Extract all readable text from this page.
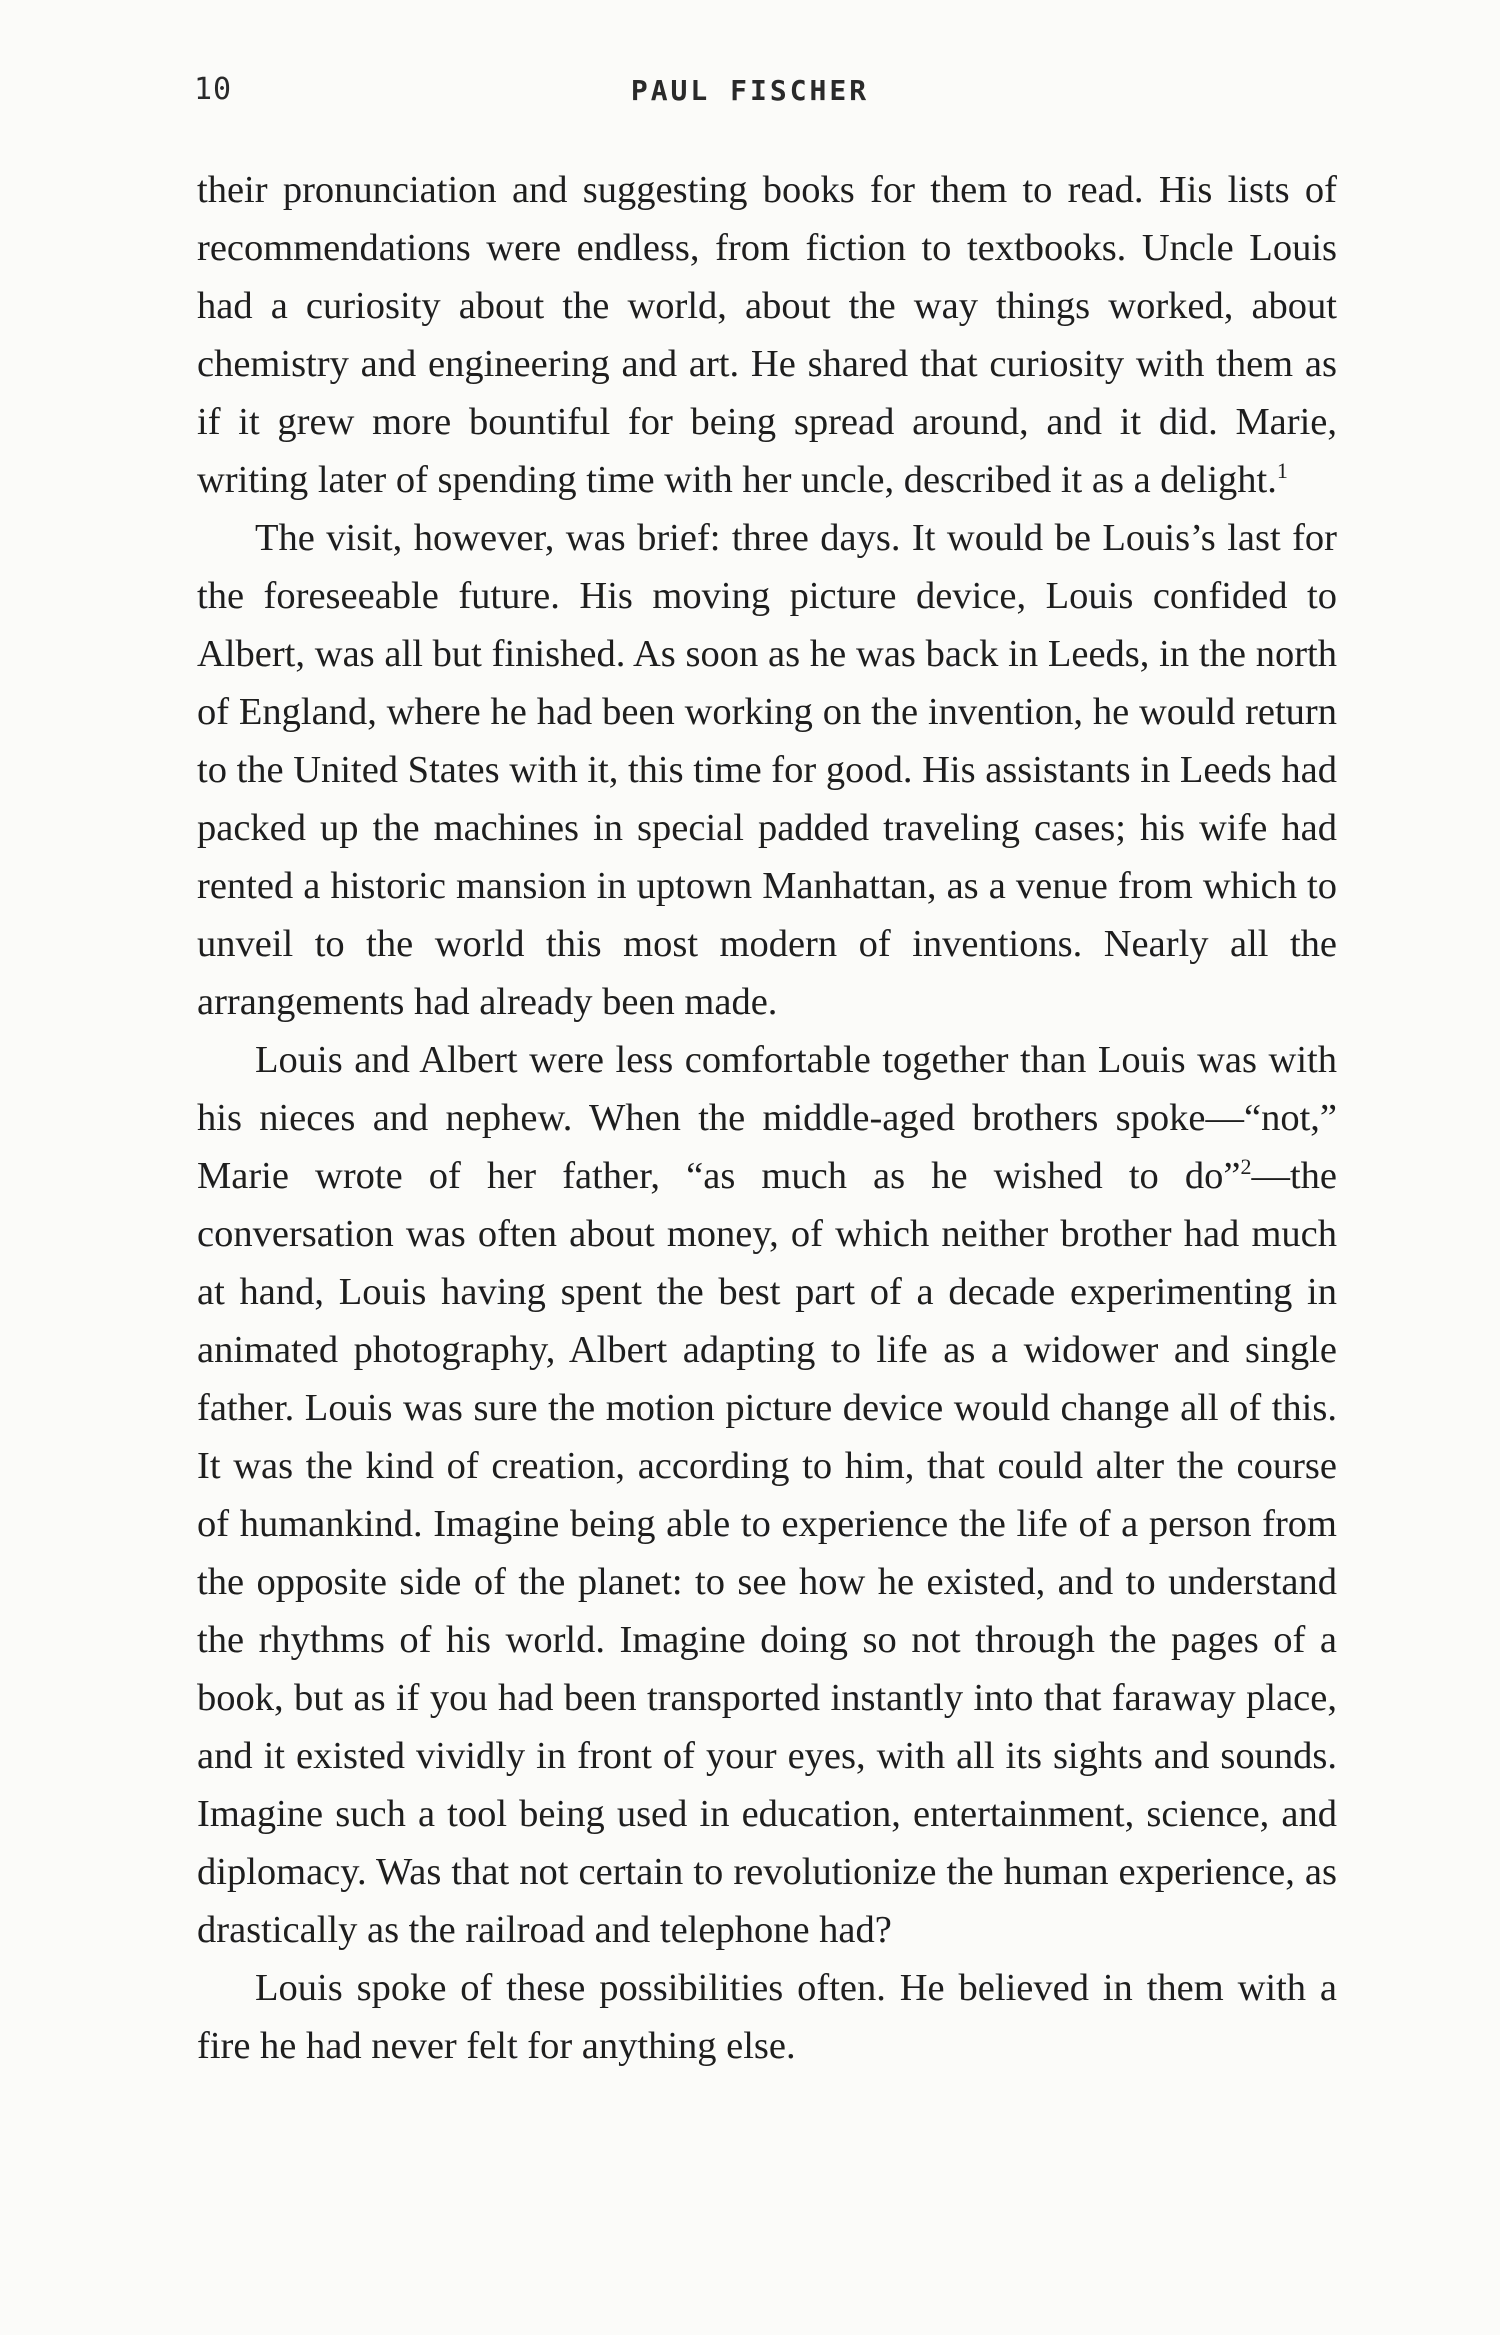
10	PAUL FISCHER

their pronunciation and suggesting books for them to read. His lists of recommendations were endless, from fiction to textbooks. Uncle Louis had a curiosity about the world, about the way things worked, about chemistry and engineering and art. He shared that curiosity with them as if it grew more bountiful for being spread around, and it did. Marie, writing later of spending time with her uncle, described it as a delight.$^1$

The visit, however, was brief: three days. It would be Louis’s last for the foreseeable future. His moving picture device, Louis confided to Albert, was all but finished. As soon as he was back in Leeds, in the north of England, where he had been working on the invention, he would return to the United States with it, this time for good. His assistants in Leeds had packed up the machines in special padded traveling cases; his wife had rented a historic mansion in uptown Manhattan, as a venue from which to unveil to the world this most modern of inventions. Nearly all the arrangements had already been made.

Louis and Albert were less comfortable together than Louis was with his nieces and nephew. When the middle-aged brothers spoke—“not,” Marie wrote of her father, “as much as he wished to do”$^2$—the conversation was often about money, of which neither brother had much at hand, Louis having spent the best part of a decade experimenting in animated photography, Albert adapting to life as a widower and single father. Louis was sure the motion picture device would change all of this. It was the kind of creation, according to him, that could alter the course of humankind. Imagine being able to experience the life of a person from the opposite side of the planet: to see how he existed, and to understand the rhythms of his world. Imagine doing so not through the pages of a book, but as if you had been transported instantly into that faraway place, and it existed vividly in front of your eyes, with all its sights and sounds. Imagine such a tool being used in education, entertainment, science, and diplomacy. Was that not certain to revolutionize the human experience, as drastically as the railroad and telephone had?

Louis spoke of these possibilities often. He believed in them with a fire he had never felt for anything else.
